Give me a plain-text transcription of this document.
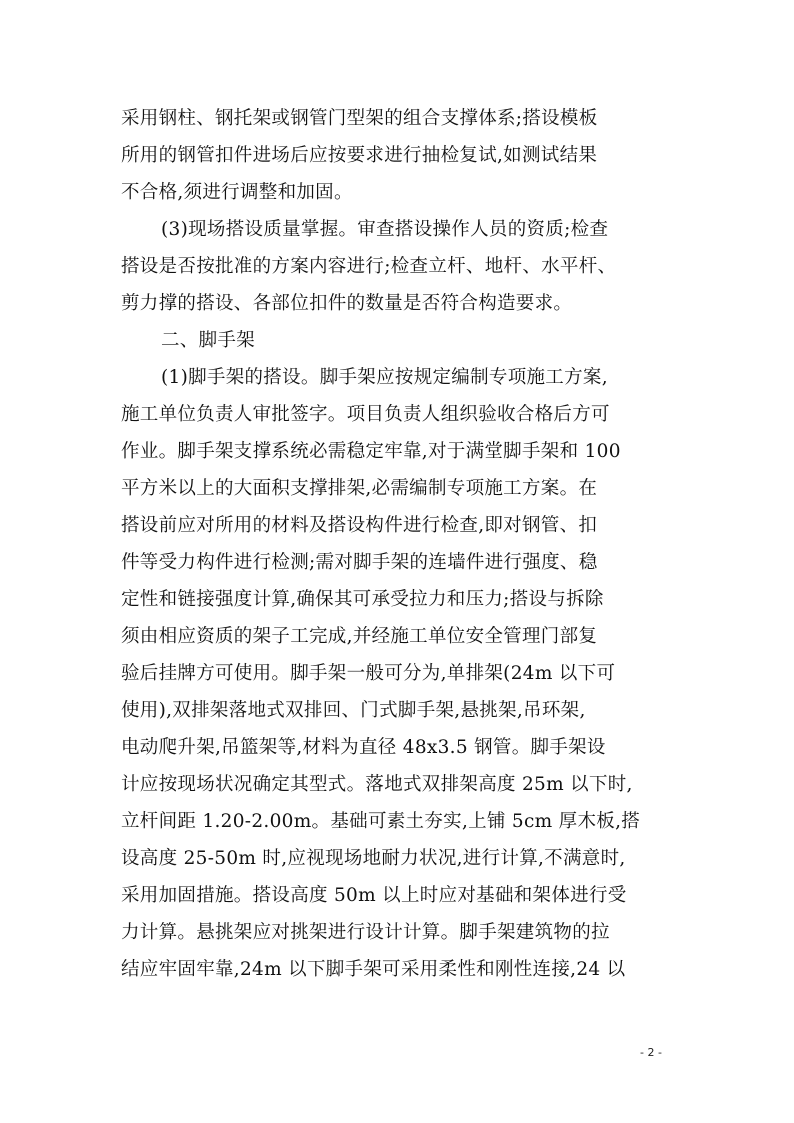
采用钢柱、钢托架或钢管门型架的组合支撑体系;搭设模板
所用的钢管扣件进场后应按要求进行抽检复试,如测试结果
不合格,须进行调整和加固。
(3)现场搭设质量掌握。审查搭设操作人员的资质;检查
搭设是否按批准的方案内容进行;检查立杆、地杆、水平杆、
剪力撑的搭设、各部位扣件的数量是否符合构造要求。
二、脚手架
(1)脚手架的搭设。脚手架应按规定编制专项施工方案,
施工单位负责人审批签字。项目负责人组织验收合格后方可
作业。脚手架支撑系统必需稳定牢靠,对于满堂脚手架和 100
平方米以上的大面积支撑排架,必需编制专项施工方案。在
搭设前应对所用的材料及搭设构件进行检查,即对钢管、扣
件等受力构件进行检测;需对脚手架的连墙件进行强度、稳
定性和链接强度计算,确保其可承受拉力和压力;搭设与拆除
须由相应资质的架子工完成,并经施工单位安全管理门部复
验后挂牌方可使用。脚手架一般可分为,单排架(24m 以下可
使用),双排架落地式双排回、门式脚手架,悬挑架,吊环架,
电动爬升架,吊篮架等,材料为直径 48x3.5 钢管。脚手架设
计应按现场状况确定其型式。落地式双排架高度 25m 以下时,
立杆间距 1.20-2.00m。基础可素土夯实,上铺 5cm 厚木板,搭
设高度 25-50m 时,应视现场地耐力状况,进行计算,不满意时,
采用加固措施。搭设高度 50m 以上时应对基础和架体进行受
力计算。悬挑架应对挑架进行设计计算。脚手架建筑物的拉
结应牢固牢靠,24m 以下脚手架可采用柔性和刚性连接,24 以
- 2 -
